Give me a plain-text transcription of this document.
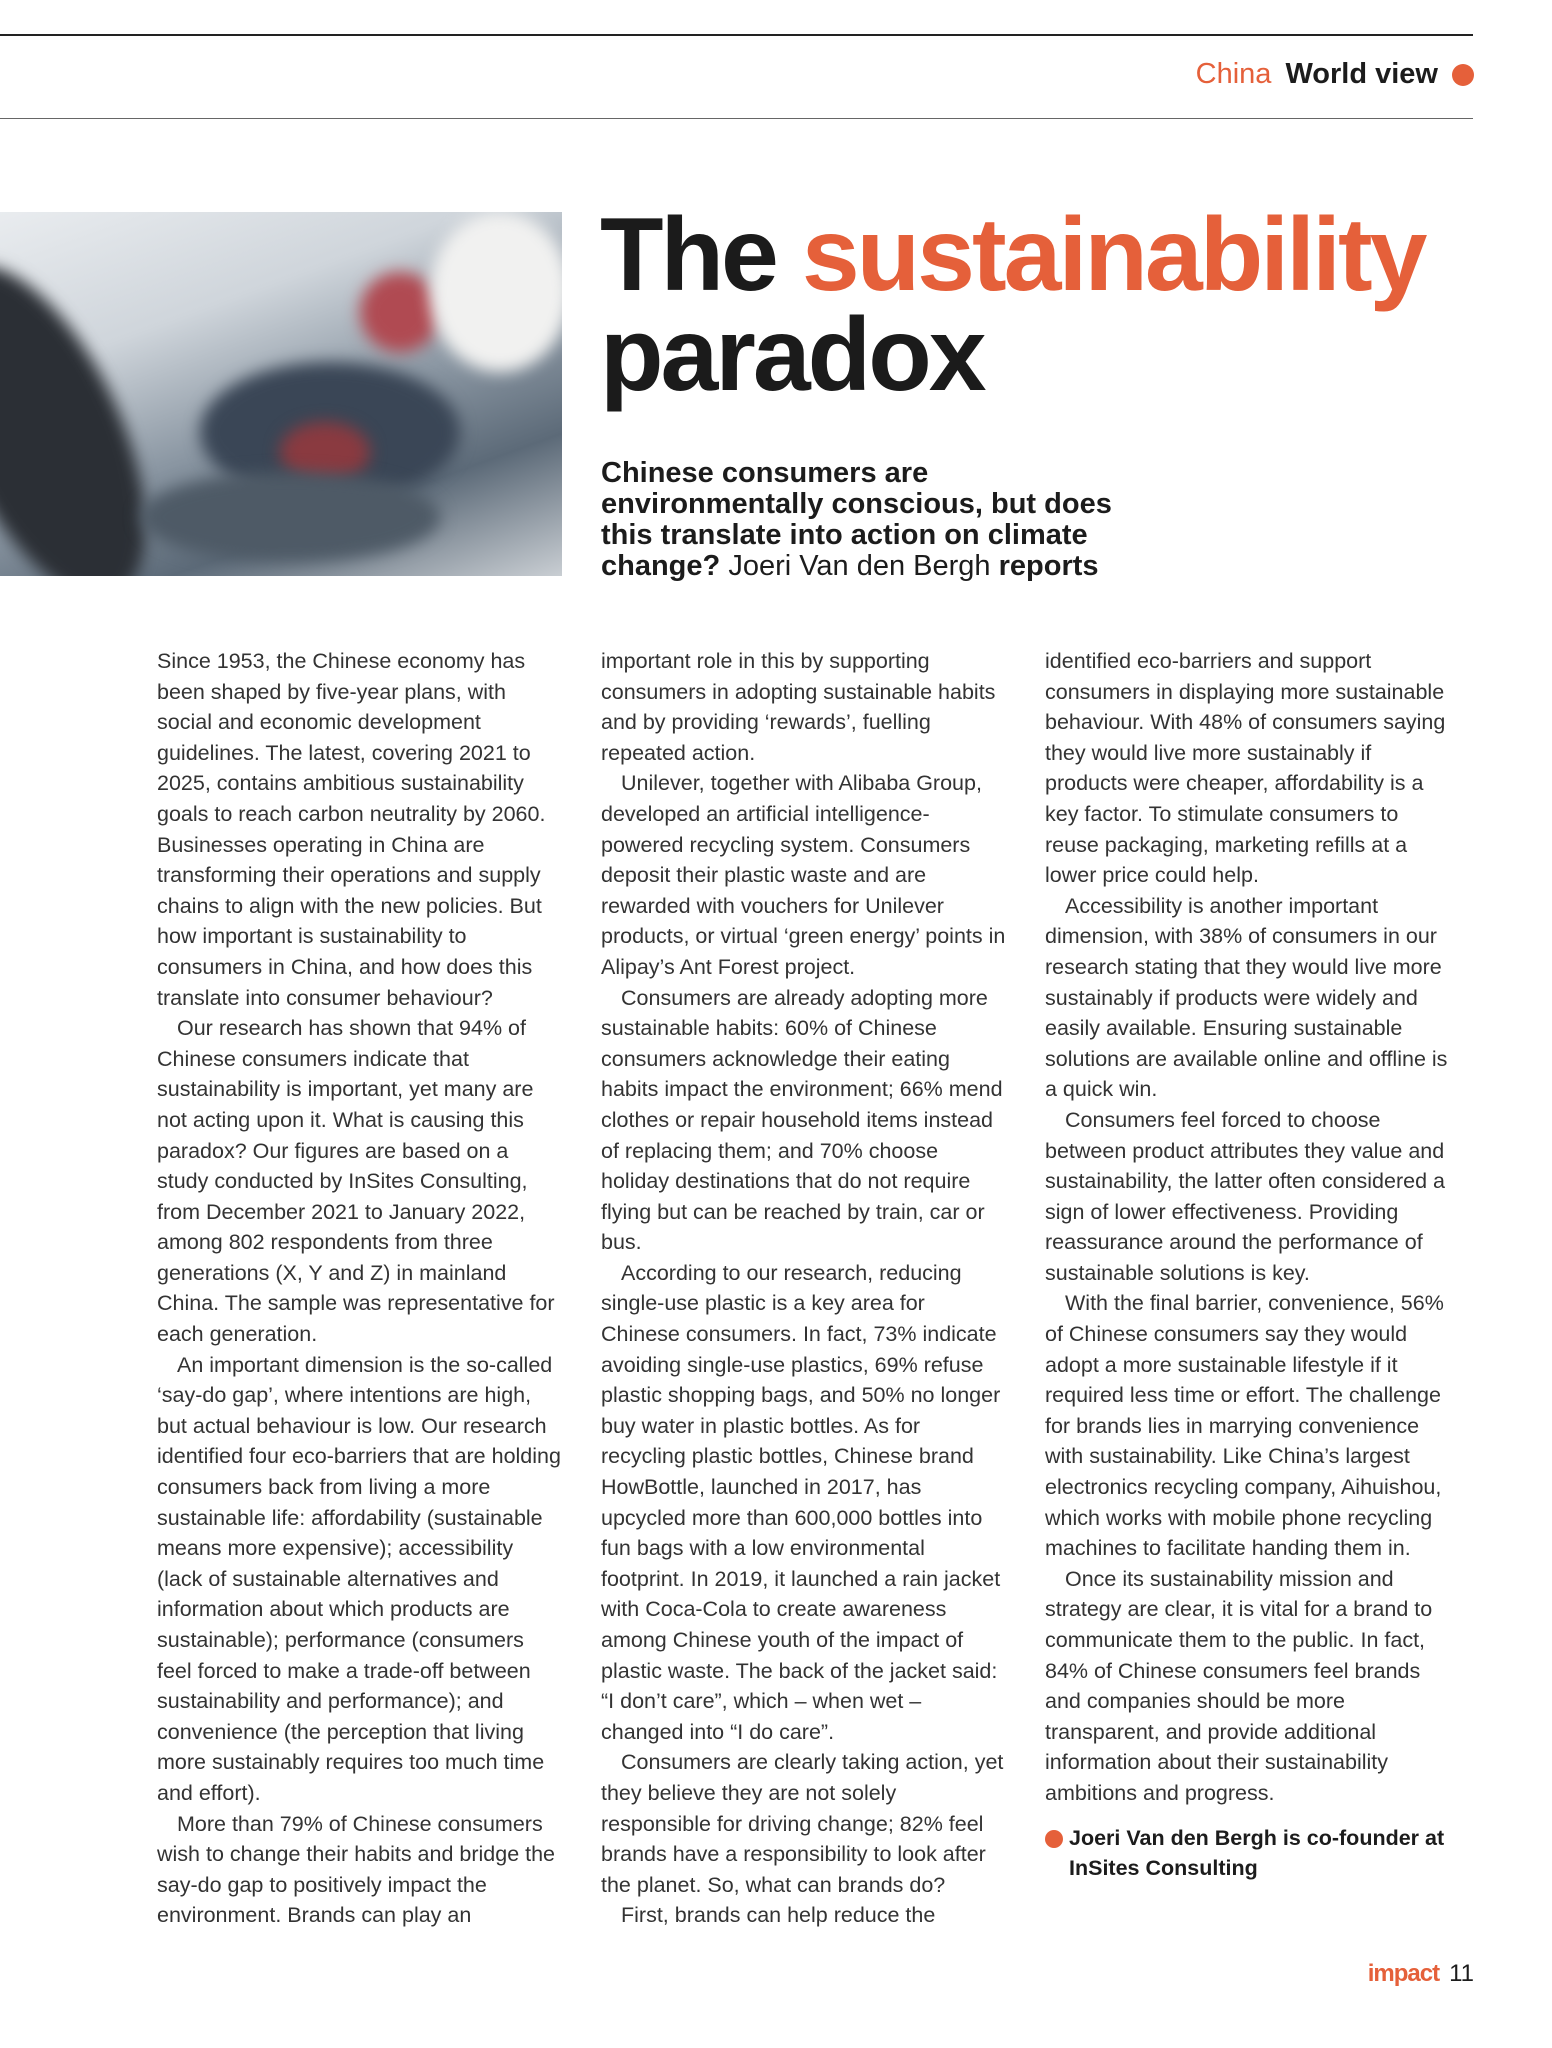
China World view
The sustainability
paradox
Chinese consumers are environmentally conscious, but does this translate into action on climate change? Joeri Van den Bergh reports

Since 1953, the Chinese economy has been shaped by five-year plans, with social and economic development guidelines. The latest, covering 2021 to 2025, contains ambitious sustainability goals to reach carbon neutrality by 2060. Businesses operating in China are transforming their operations and supply chains to align with the new policies. But how important is sustainability to consumers in China, and how does this translate into consumer behaviour?

Our research has shown that 94% of Chinese consumers indicate that sustainability is important, yet many are not acting upon it. What is causing this paradox? Our figures are based on a study conducted by InSites Consulting, from December 2021 to January 2022, among 802 respondents from three generations (X, Y and Z) in mainland China. The sample was representative for each generation.

An important dimension is the so-called ‘say-do gap’, where intentions are high, but actual behaviour is low. Our research identified four eco-barriers that are holding consumers back from living a more sustainable life: affordability (sustainable means more expensive); accessibility (lack of sustainable alternatives and information about which products are sustainable); performance (consumers feel forced to make a trade-off between sustainability and performance); and convenience (the perception that living more sustainably requires too much time and effort).

More than 79% of Chinese consumers wish to change their habits and bridge the say-do gap to positively impact the environment. Brands can play an

important role in this by supporting consumers in adopting sustainable habits and by providing ‘rewards’, fuelling repeated action.

Unilever, together with Alibaba Group, developed an artificial intelligence-powered recycling system. Consumers deposit their plastic waste and are rewarded with vouchers for Unilever products, or virtual ‘green energy’ points in Alipay’s Ant Forest project.

Consumers are already adopting more sustainable habits: 60% of Chinese consumers acknowledge their eating habits impact the environment; 66% mend clothes or repair household items instead of replacing them; and 70% choose holiday destinations that do not require flying but can be reached by train, car or bus.

According to our research, reducing single-use plastic is a key area for Chinese consumers. In fact, 73% indicate avoiding single-use plastics, 69% refuse plastic shopping bags, and 50% no longer buy water in plastic bottles. As for recycling plastic bottles, Chinese brand HowBottle, launched in 2017, has upcycled more than 600,000 bottles into fun bags with a low environmental footprint. In 2019, it launched a rain jacket with Coca-Cola to create awareness among Chinese youth of the impact of plastic waste. The back of the jacket said: “I don’t care”, which – when wet – changed into “I do care”.

Consumers are clearly taking action, yet they believe they are not solely responsible for driving change; 82% feel brands have a responsibility to look after the planet. So, what can brands do?

First, brands can help reduce the

identified eco-barriers and support consumers in displaying more sustainable behaviour. With 48% of consumers saying they would live more sustainably if products were cheaper, affordability is a key factor. To stimulate consumers to reuse packaging, marketing refills at a lower price could help.

Accessibility is another important dimension, with 38% of consumers in our research stating that they would live more sustainably if products were widely and easily available. Ensuring sustainable solutions are available online and offline is a quick win.

Consumers feel forced to choose between product attributes they value and sustainability, the latter often considered a sign of lower effectiveness. Providing reassurance around the performance of sustainable solutions is key.

With the final barrier, convenience, 56% of Chinese consumers say they would adopt a more sustainable lifestyle if it required less time or effort. The challenge for brands lies in marrying convenience with sustainability. Like China’s largest electronics recycling company, Aihuishou, which works with mobile phone recycling machines to facilitate handing them in.

Once its sustainability mission and strategy are clear, it is vital for a brand to communicate them to the public. In fact, 84% of Chinese consumers feel brands and companies should be more transparent, and provide additional information about their sustainability ambitions and progress.

Joeri Van den Bergh is co-founder at InSites Consulting

impact 11
